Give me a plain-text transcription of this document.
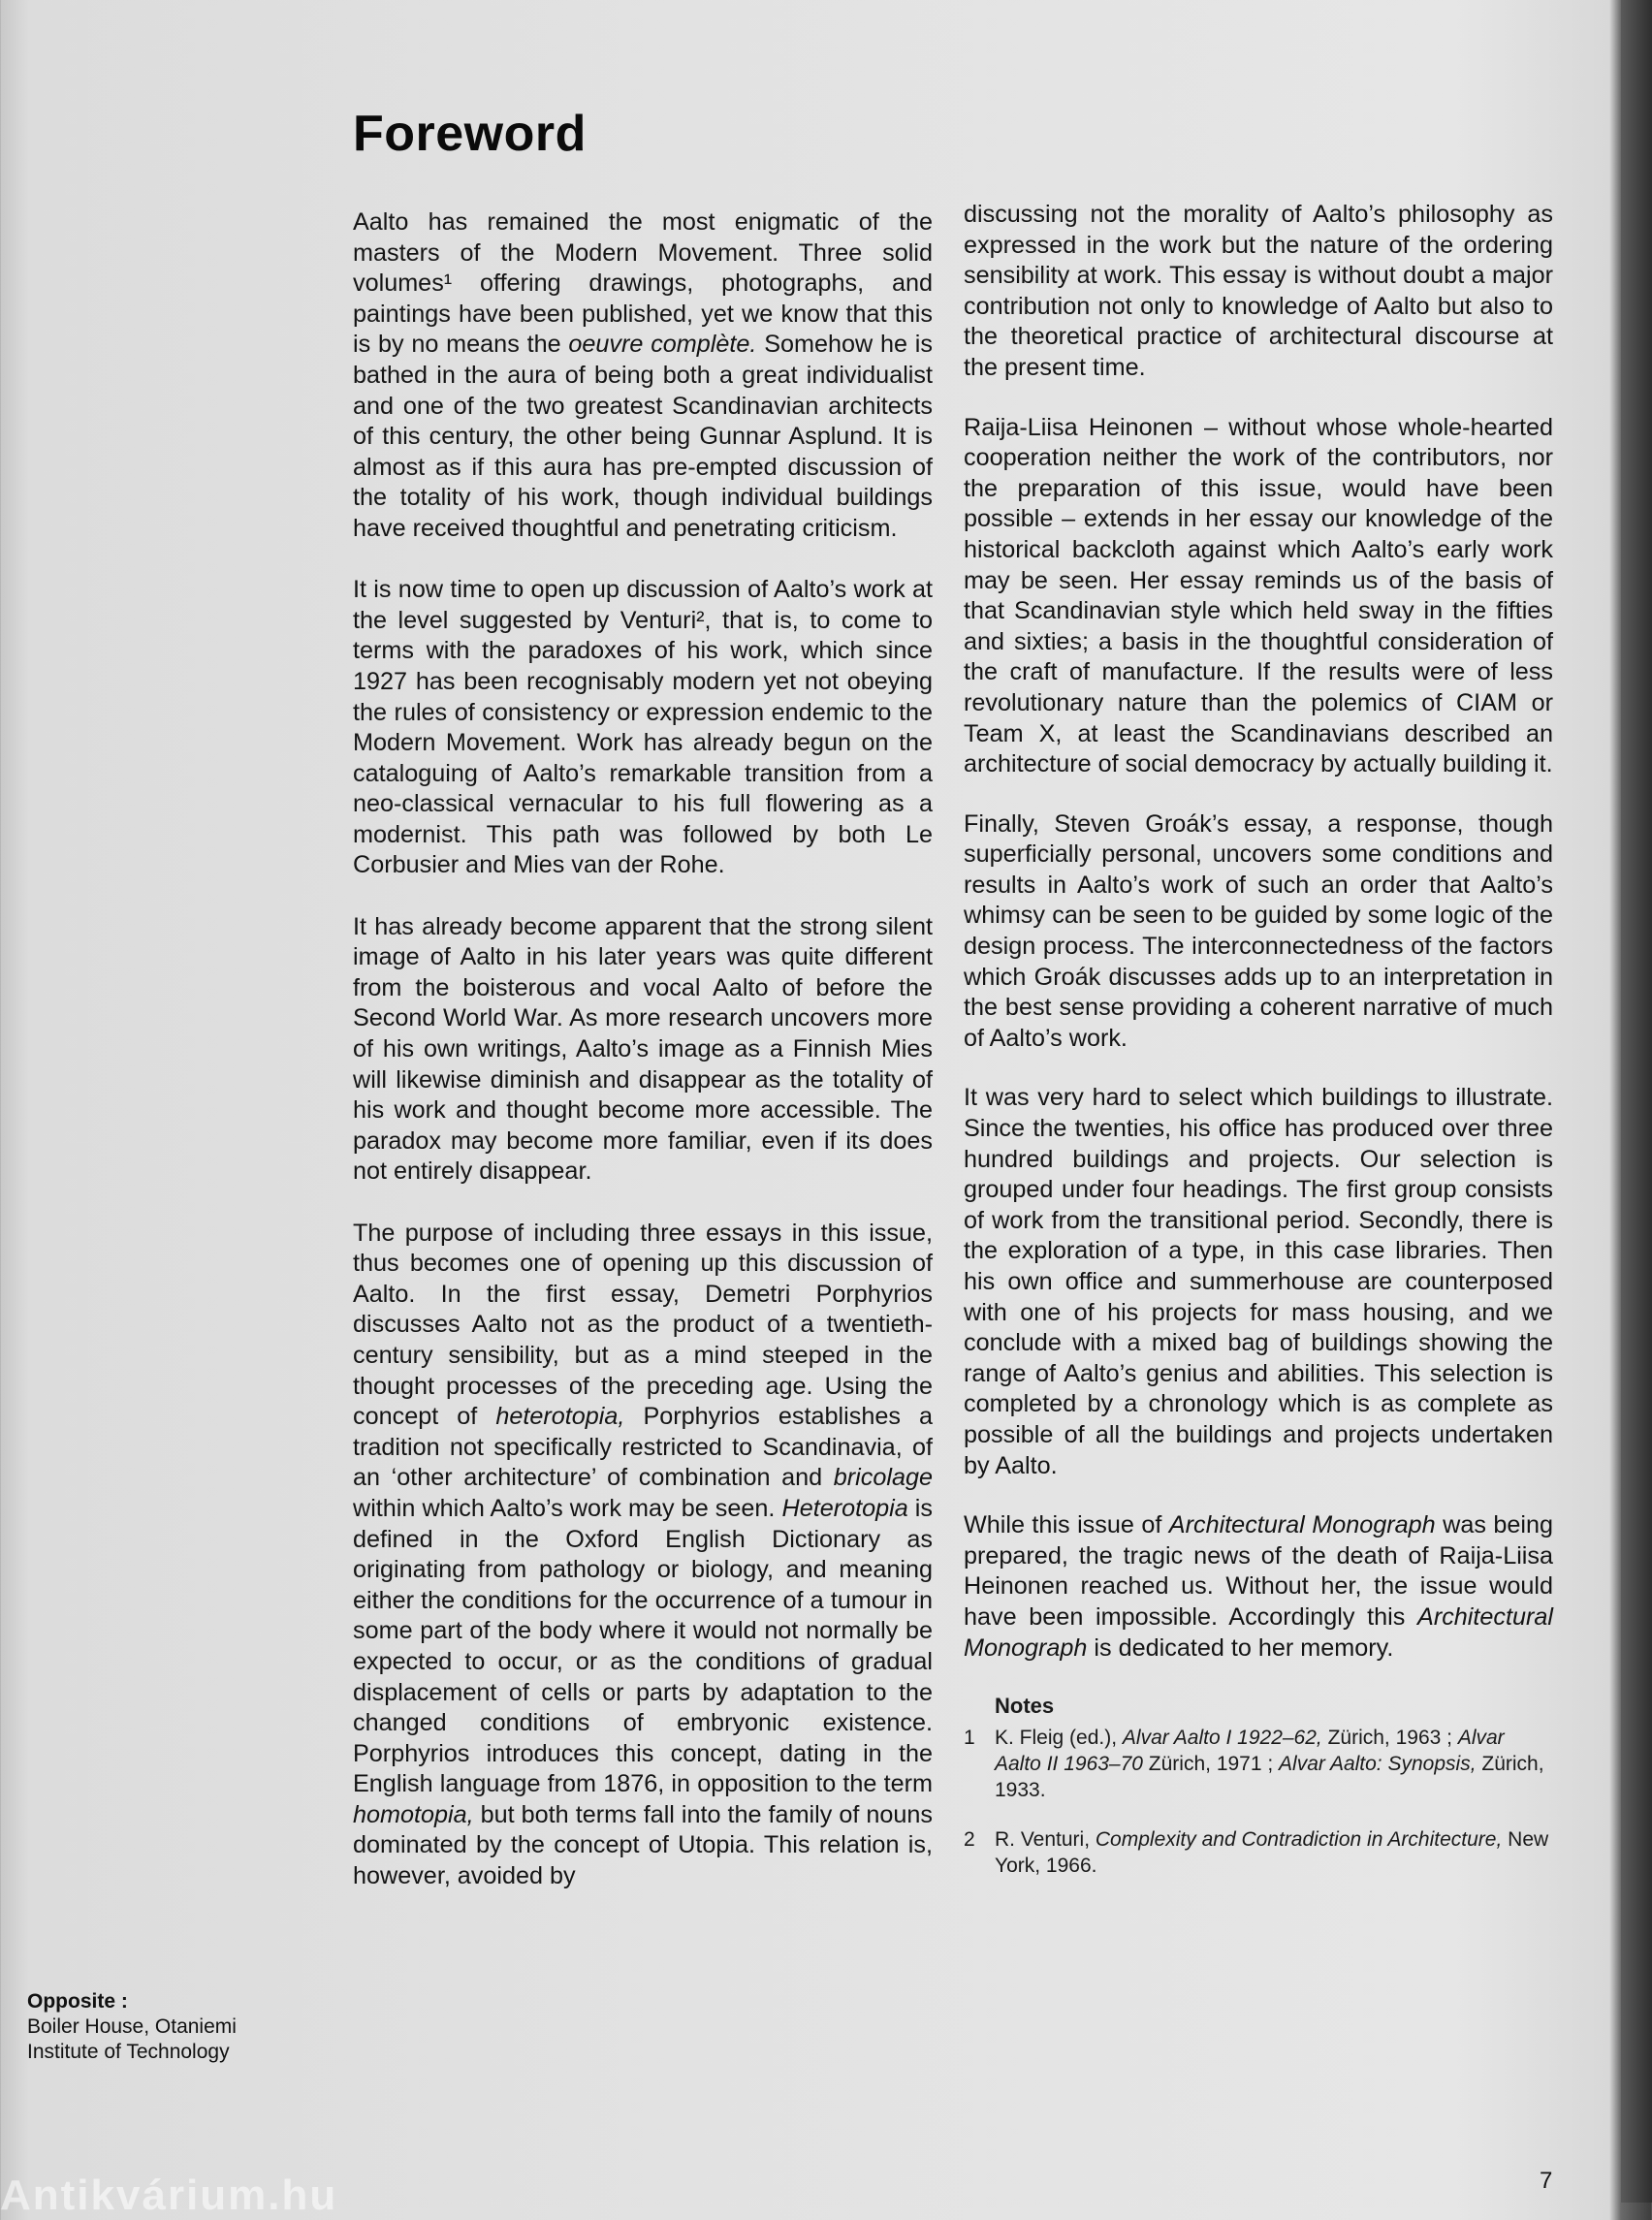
Foreword

Aalto has remained the most enigmatic of the masters of the Modern Movement. Three solid volumes¹ offering drawings, photographs, and paintings have been published, yet we know that this is by no means the oeuvre complète. Somehow he is bathed in the aura of being both a great individualist and one of the two greatest Scandinavian architects of this century, the other being Gunnar Asplund. It is almost as if this aura has pre-empted discussion of the totality of his work, though individual buildings have received thoughtful and penetrating criticism.

It is now time to open up discussion of Aalto’s work at the level suggested by Venturi², that is, to come to terms with the paradoxes of his work, which since 1927 has been recognisably modern yet not obeying the rules of consistency or expression endemic to the Modern Movement. Work has already begun on the cataloguing of Aalto’s remarkable transition from a neo-classical vernacular to his full flowering as a modernist. This path was followed by both Le Corbusier and Mies van der Rohe.

It has already become apparent that the strong silent image of Aalto in his later years was quite different from the boisterous and vocal Aalto of before the Second World War. As more research uncovers more of his own writings, Aalto’s image as a Finnish Mies will likewise diminish and disappear as the totality of his work and thought become more accessible. The paradox may become more familiar, even if its does not entirely disappear.

The purpose of including three essays in this issue, thus becomes one of opening up this discussion of Aalto. In the first essay, Demetri Porphyrios discusses Aalto not as the product of a twentieth-century sensibility, but as a mind steeped in the thought processes of the preceding age. Using the concept of heterotopia, Porphyrios establishes a tradition not specifically restricted to Scandinavia, of an ‘other architecture’ of combination and bricolage within which Aalto’s work may be seen. Heterotopia is defined in the Oxford English Dictionary as originating from pathology or biology, and meaning either the conditions for the occurrence of a tumour in some part of the body where it would not normally be expected to occur, or as the conditions of gradual displacement of cells or parts by adaptation to the changed conditions of embryonic existence. Porphyrios introduces this concept, dating in the English language from 1876, in opposition to the term homotopia, but both terms fall into the family of nouns dominated by the concept of Utopia. This relation is, however, avoided by

discussing not the morality of Aalto’s philosophy as expressed in the work but the nature of the ordering sensibility at work. This essay is without doubt a major contribution not only to knowledge of Aalto but also to the theoretical practice of architectural discourse at the present time.

Raija-Liisa Heinonen – without whose whole-hearted cooperation neither the work of the contributors, nor the preparation of this issue, would have been possible – extends in her essay our knowledge of the historical backcloth against which Aalto’s early work may be seen. Her essay reminds us of the basis of that Scandinavian style which held sway in the fifties and sixties; a basis in the thoughtful consideration of the craft of manufacture. If the results were of less revolutionary nature than the polemics of CIAM or Team X, at least the Scandinavians described an architecture of social democracy by actually building it.

Finally, Steven Groák’s essay, a response, though superficially personal, uncovers some conditions and results in Aalto’s work of such an order that Aalto’s whimsy can be seen to be guided by some logic of the design process. The interconnectedness of the factors which Groák discusses adds up to an interpretation in the best sense providing a coherent narrative of much of Aalto’s work.

It was very hard to select which buildings to illustrate. Since the twenties, his office has produced over three hundred buildings and projects. Our selection is grouped under four headings. The first group consists of work from the transitional period. Secondly, there is the exploration of a type, in this case libraries. Then his own office and summerhouse are counterposed with one of his projects for mass housing, and we conclude with a mixed bag of buildings showing the range of Aalto’s genius and abilities. This selection is completed by a chronology which is as complete as possible of all the buildings and projects undertaken by Aalto.

While this issue of Architectural Monograph was being prepared, the tragic news of the death of Raija-Liisa Heinonen reached us. Without her, the issue would have been impossible. Accordingly this Architectural Monograph is dedicated to her memory.

Notes
1 K. Fleig (ed.), Alvar Aalto I 1922–62, Zürich, 1963 ; Alvar Aalto II 1963–70 Zürich, 1971 ; Alvar Aalto: Synopsis, Zürich, 1933.
2 R. Venturi, Complexity and Contradiction in Architecture, New York, 1966.
Opposite :
Boiler House, Otaniemi
Institute of Technology
7
Antikvárium.hu
